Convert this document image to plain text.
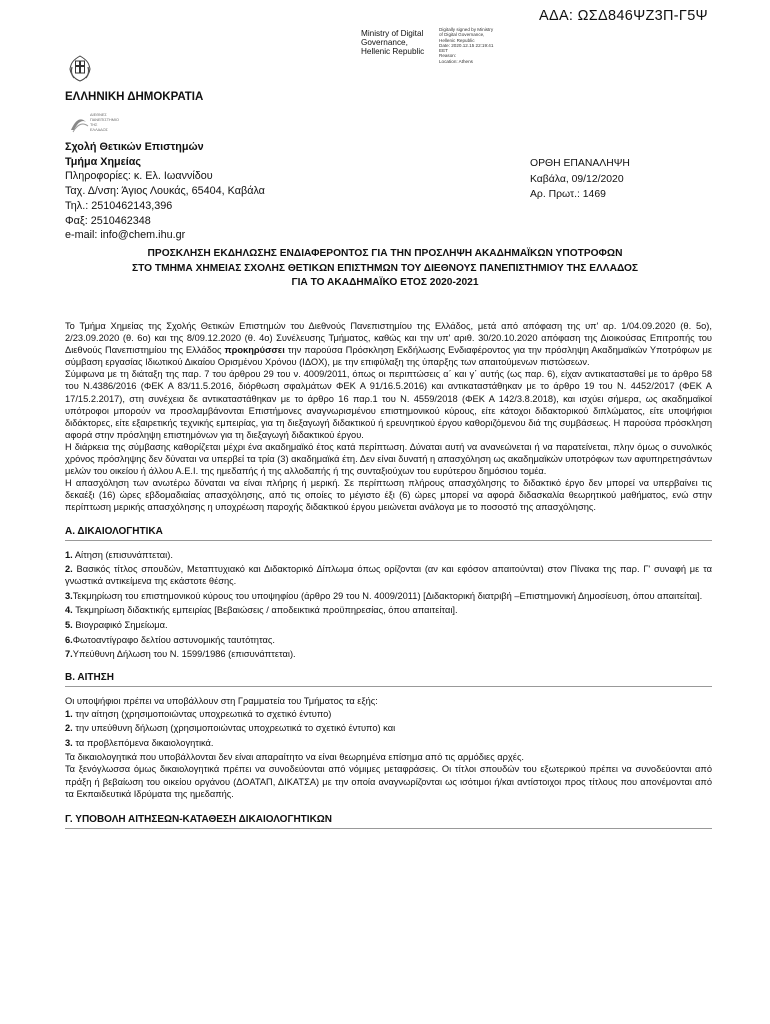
ΑΔΑ: ΩΣΔ846ΨΖ3Π-Γ5Ψ
Ministry of Digital
Governance,
Hellenic Republic
Digitally signed by Ministry
of Digital Governance,
Hellenic Republic
Date: 2020.12.15 22:19:41
EET
Reason:
Location: Athens
ΕΛΛΗΝΙΚΗ ΔΗΜΟΚΡΑΤΙΑ
ΔΙΕΘΝΕΣ
ΠΑΝΕΠΙΣΤΗΜΙΟ
ΤΗΣ
ΕΛΛΑΔΟΣ
Σχολή Θετικών Επιστημών
Τμήμα Χημείας
Πληροφορίες: κ. Ελ. Ιωαννίδου
Ταχ. Δ/νση: Άγιος Λουκάς, 65404, Καβάλα
Τηλ.: 2510462143,396
Φαξ: 2510462348
e-mail: info@chem.ihu.gr
ΟΡΘΗ ΕΠΑΝΑΛΗΨΗ
Καβάλα, 09/12/2020
Αρ. Πρωτ.: 1469
ΠΡΟΣΚΛΗΣΗ ΕΚΔΗΛΩΣΗΣ ΕΝΔΙΑΦΕΡΟΝΤΟΣ ΓΙΑ ΤΗΝ ΠΡΟΣΛΗΨΗ ΑΚΑΔΗΜΑΪΚΩΝ ΥΠΟΤΡΟΦΩΝ
ΣΤΟ ΤΜΗΜΑ ΧΗΜΕΙΑΣ ΣΧΟΛΗΣ ΘΕΤΙΚΩΝ ΕΠΙΣΤΗΜΩΝ ΤΟΥ ΔΙΕΘΝΟΥΣ ΠΑΝΕΠΙΣΤΗΜΙΟΥ ΤΗΣ ΕΛΛΑΔΟΣ
ΓΙΑ ΤΟ ΑΚΑΔΗΜΑΪΚΟ ΕΤΟΣ 2020-2021

Το Τμήμα Χημείας της Σχολής Θετικών Επιστημών του Διεθνούς Πανεπιστημίου της Ελλάδος, μετά από απόφαση της υπ' αρ. 1/04.09.2020 (θ. 5ο), 2/23.09.2020 (θ. 6ο) και της 8/09.12.2020 (θ. 4ο) Συνέλευσης Τμήματος, καθώς και την υπ' αριθ. 30/20.10.2020 απόφαση της Διοικούσας Επιτροπής του Διεθνούς Πανεπιστημίου της Ελλάδος προκηρύσσει την παρούσα Πρόσκληση Εκδήλωσης Ενδιαφέροντος για την πρόσληψη Ακαδημαϊκών Υποτρόφων με σύμβαση εργασίας Ιδιωτικού Δικαίου Ορισμένου Χρόνου (ΙΔΟΧ), με την επιφύλαξη της ύπαρξης των απαιτούμενων πιστώσεων.

Σύμφωνα με τη διάταξη της παρ. 7 του άρθρου 29 του ν. 4009/2011, όπως οι περιπτώσεις α΄ και γ΄ αυτής (ως παρ. 6), είχαν αντικατασταθεί με το άρθρο 58 του Ν.4386/2016 (ΦΕΚ Α 83/11.5.2016, διόρθωση σφαλμάτων ΦΕΚ Α 91/16.5.2016) και αντικαταστάθηκαν με το άρθρο 19 του Ν. 4452/2017 (ΦΕΚ Α 17/15.2.2017), στη συνέχεια δε αντικαταστάθηκαν με το άρθρο 16 παρ.1 του Ν. 4559/2018 (ΦΕΚ Α 142/3.8.2018), και ισχύει σήμερα, ως ακαδημαϊκοί υπότροφοι μπορούν να προσλαμβάνονται Επιστήμονες αναγνωρισμένου επιστημονικού κύρους, είτε κάτοχοι διδακτορικού διπλώματος, είτε υποψήφιοι διδάκτορες, είτε εξαιρετικής τεχνικής εμπειρίας, για τη διεξαγωγή διδακτικού ή ερευνητικού έργου καθοριζόμενου διά της συμβάσεως. Η παρούσα πρόσκληση αφορά στην πρόσληψη επιστημόνων για τη διεξαγωγή διδακτικού έργου.

Η διάρκεια της σύμβασης καθορίζεται μέχρι ένα ακαδημαϊκό έτος κατά περίπτωση. Δύναται αυτή να ανανεώνεται ή να παρατείνεται, πλην όμως ο συνολικός χρόνος πρόσληψης δεν δύναται να υπερβεί τα τρία (3) ακαδημαϊκά έτη. Δεν είναι δυνατή η απασχόληση ως ακαδημαϊκών υποτρόφων των αφυπηρετησάντων μελών του οικείου ή άλλου Α.Ε.Ι. της ημεδαπής ή της αλλοδαπής ή της συνταξιούχων του ευρύτερου δημόσιου τομέα.

Η απασχόληση των ανωτέρω δύναται να είναι πλήρης ή μερική. Σε περίπτωση πλήρους απασχόλησης το διδακτικό έργο δεν μπορεί να υπερβαίνει τις δεκαέξι (16) ώρες εβδομαδιαίας απασχόλησης, από τις οποίες το μέγιστο έξι (6) ώρες μπορεί να αφορά διδασκαλία θεωρητικού μαθήματος, ενώ στην περίπτωση μερικής απασχόλησης η υποχρέωση παροχής διδακτικού έργου μειώνεται ανάλογα με το ποσοστό της απασχόλησης.

Α. ΔΙΚΑΙΟΛΟΓΗΤΙΚΑ

1. Αίτηση (επισυνάπτεται).

2. Βασικός τίτλος σπουδών, Μεταπτυχιακό και Διδακτορικό Δίπλωμα όπως ορίζονται (αν και εφόσον απαιτούνται) στον Πίνακα της παρ. Γ' συναφή με τα γνωστικά αντικείμενα της εκάστοτε θέσης.

3.Τεκμηρίωση του επιστημονικού κύρους του υποψηφίου (άρθρο 29 του Ν. 4009/2011) [Διδακτορική διατριβή –Επιστημονική Δημοσίευση, όπου απαιτείται].

4. Τεκμηρίωση διδακτικής εμπειρίας [Βεβαιώσεις / αποδεικτικά προϋπηρεσίας, όπου απαιτείται].

5. Βιογραφικό Σημείωμα.

6.Φωτοαντίγραφο δελτίου αστυνομικής ταυτότητας.

7.Υπεύθυνη Δήλωση του Ν. 1599/1986 (επισυνάπτεται).

Β. ΑΙΤΗΣΗ

Οι υποψήφιοι πρέπει να υποβάλλουν στη Γραμματεία του Τμήματος τα εξής:

1. την αίτηση (χρησιμοποιώντας υποχρεωτικά το σχετικό έντυπο)

2. την υπεύθυνη δήλωση (χρησιμοποιώντας υποχρεωτικά το σχετικό έντυπο) και

3. τα προβλεπόμενα δικαιολογητικά.

Τα δικαιολογητικά που υποβάλλονται δεν είναι απαραίτητο να είναι θεωρημένα επίσημα από τις αρμόδιες αρχές.

Τα ξενόγλωσσα όμως δικαιολογητικά πρέπει να συνοδεύονται από νόμιμες μεταφράσεις. Οι τίτλοι σπουδών του εξωτερικού πρέπει να συνοδεύονται από πράξη ή βεβαίωση του οικείου οργάνου (ΔΟΑΤΑΠ, ΔΙΚΑΤΣΑ) με την οποία αναγνωρίζονται ως ισότιμοι ή/και αντίστοιχοι προς τίτλους που απονέμονται από τα Εκπαιδευτικά Ιδρύματα της ημεδαπής.

Γ. ΥΠΟΒΟΛΗ ΑΙΤΗΣΕΩΝ-ΚΑΤΑΘΕΣΗ ΔΙΚΑΙΟΛΟΓΗΤΙΚΩΝ
